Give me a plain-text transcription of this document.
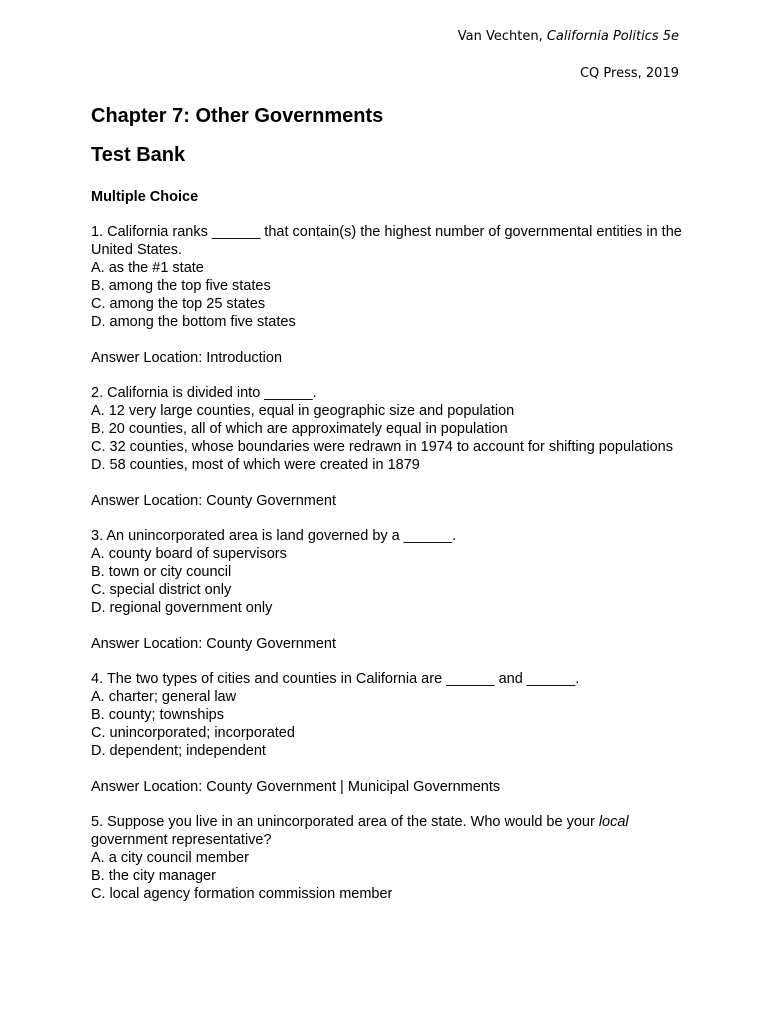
Van Vechten, California Politics 5e
CQ Press, 2019
Chapter 7: Other Governments
Test Bank
Multiple Choice
1. California ranks ______ that contain(s) the highest number of governmental entities in the United States.
A. as the #1 state
B. among the top five states
C. among the top 25 states
D. among the bottom five states
Answer Location: Introduction
2. California is divided into ______.
A. 12 very large counties, equal in geographic size and population
B. 20 counties, all of which are approximately equal in population
C. 32 counties, whose boundaries were redrawn in 1974 to account for shifting populations
D. 58 counties, most of which were created in 1879
Answer Location: County Government
3. An unincorporated area is land governed by a ______.
A. county board of supervisors
B. town or city council
C. special district only
D. regional government only
Answer Location: County Government
4. The two types of cities and counties in California are ______ and ______.
A. charter; general law
B. county; townships
C. unincorporated; incorporated
D. dependent; independent
Answer Location: County Government | Municipal Governments
5. Suppose you live in an unincorporated area of the state. Who would be your local government representative?
A. a city council member
B. the city manager
C. local agency formation commission member
